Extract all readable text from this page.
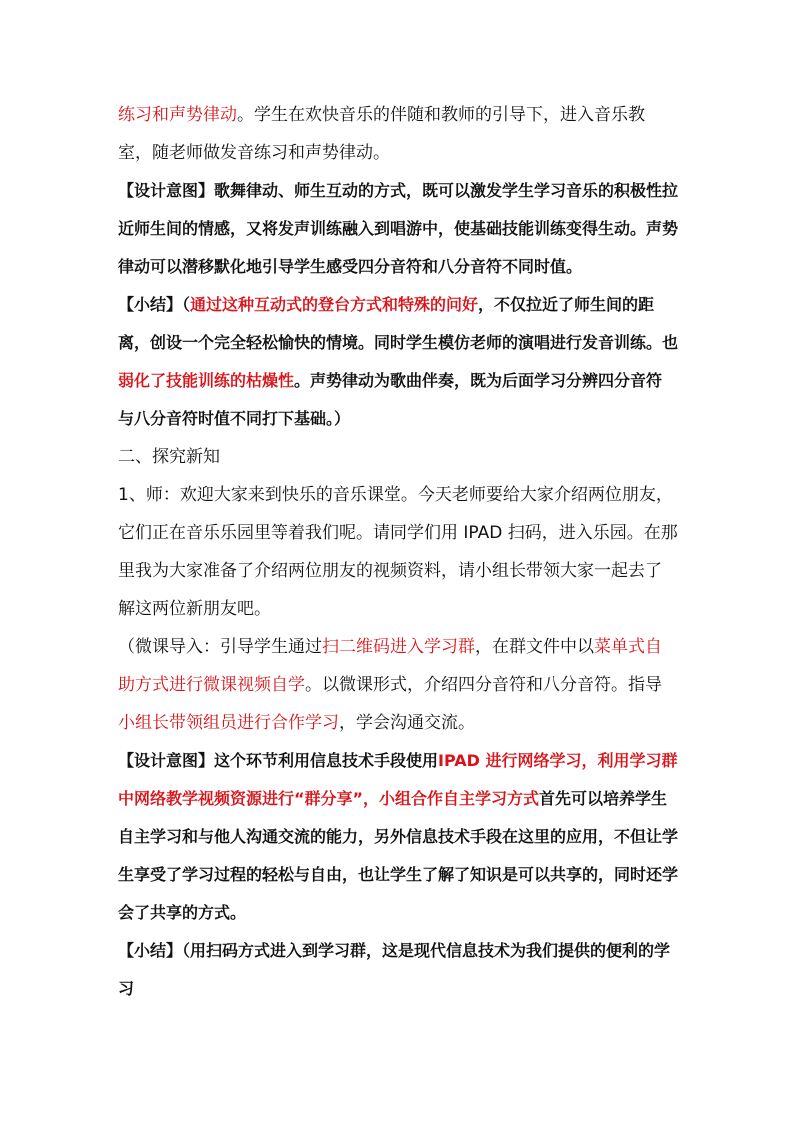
练习和声势律动。学生在欢快音乐的伴随和教师的引导下，进入音乐教室，随老师做发音练习和声势律动。

【设计意图】歌舞律动、师生互动的方式，既可以激发学生学习音乐的积极性拉近师生间的情感，又将发声训练融入到唱游中，使基础技能训练变得生动。声势律动可以潜移默化地引导学生感受四分音符和八分音符不同时值。

【小结】（通过这种互动式的登台方式和特殊的问好，不仅拉近了师生间的距离，创设一个完全轻松愉快的情境。同时学生模仿老师的演唱进行发音训练。也弱化了技能训练的枯燥性。声势律动为歌曲伴奏，既为后面学习分辨四分音符与八分音符时值不同打下基础。）

二、探究新知

1、师：欢迎大家来到快乐的音乐课堂。今天老师要给大家介绍两位朋友，它们正在音乐乐园里等着我们呢。请同学们用 IPAD 扫码，进入乐园。在那里我为大家准备了介绍两位朋友的视频资料，请小组长带领大家一起去了解这两位新朋友吧。

（微课导入：引导学生通过扫二维码进入学习群，在群文件中以菜单式自助方式进行微课视频自学。以微课形式，介绍四分音符和八分音符。指导小组长带领组员进行合作学习，学会沟通交流。

【设计意图】这个环节利用信息技术手段使用IPAD 进行网络学习，利用学习群中网络教学视频资源进行“群分享”，小组合作自主学习方式首先可以培养学生自主学习和与他人沟通交流的能力，另外信息技术手段在这里的应用，不但让学生享受了学习过程的轻松与自由，也让学生了解了知识是可以共享的，同时还学会了共享的方式。

【小结】（用扫码方式进入到学习群，这是现代信息技术为我们提供的便利的学习
